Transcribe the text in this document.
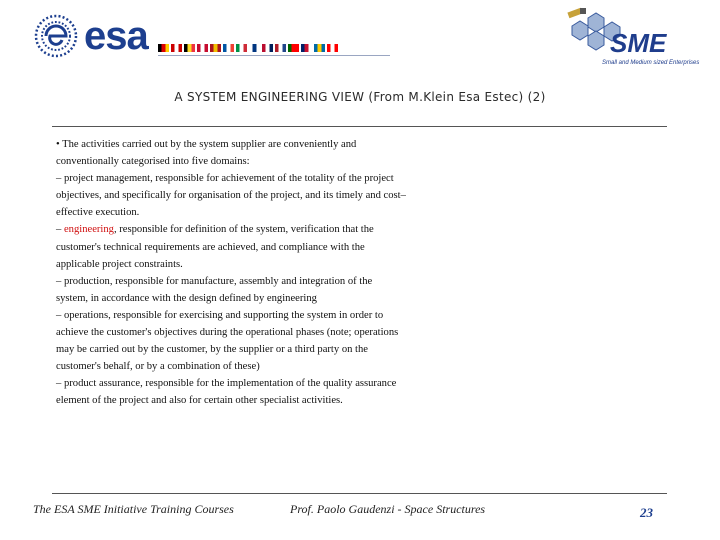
esa	SME
Small and Medium sized Enterprises
A SYSTEM ENGINEERING VIEW (From M.Klein Esa Estec) (2)

• The activities carried out by the system supplier are conveniently and conventionally categorised into five domains:

– project management, responsible for achievement of the totality of the project objectives, and specifically for organisation of the project, and its timely and cost–effective execution.

– engineering, responsible for definition of the system, verification that the customer's technical requirements are achieved, and compliance with the applicable project constraints.

– production, responsible for manufacture, assembly and integration of the system, in accordance with the design defined by engineering

– operations, responsible for exercising and supporting the system in order to achieve the customer's objectives during the operational phases (note; operations may be carried out by the customer, by the supplier or a third party on the customer's behalf, or by a combination of these)

– product assurance, responsible for the implementation of the quality assurance element of the project and also for certain other specialist activities.

The ESA SME Initiative Training Courses	Prof. Paolo Gaudenzi - Space Structures	23
